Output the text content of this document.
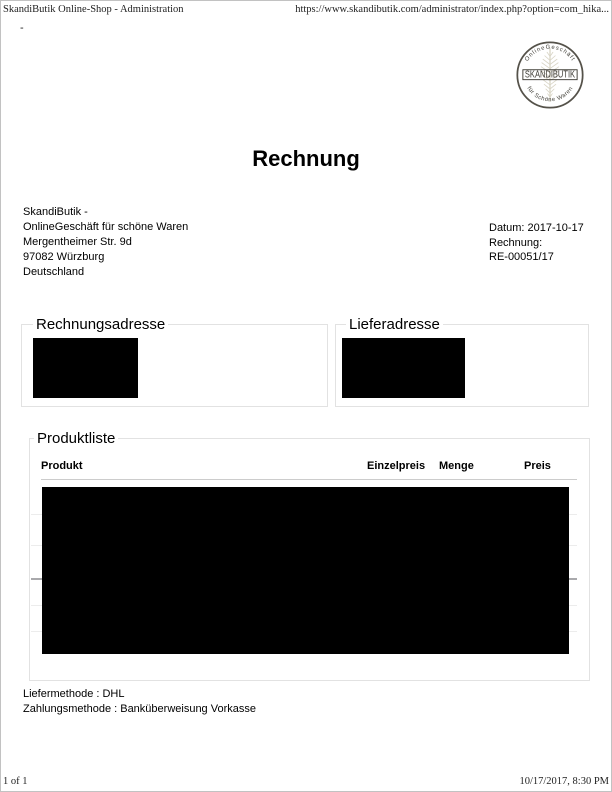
SkandiButik Online-Shop - Administration	https://www.skandibutik.com/administrator/index.php?option=com_hika...
-
OnlineGeschäft
SKANDIBUTIK
für Schöne Waren
Rechnung
SkandiButik -
OnlineGeschäft für schöne Waren
Mergentheimer Str. 9d
97082 Würzburg
Deutschland
Datum: 2017-10-17
Rechnung:
RE-00051/17
Rechnungsadresse	Lieferadresse
Produktliste
Produkt	Einzelpreis Menge	Preis
Liefermethode : DHL
Zahlungsmethode : Banküberweisung Vorkasse
1 of 1	10/17/2017, 8:30 PM
